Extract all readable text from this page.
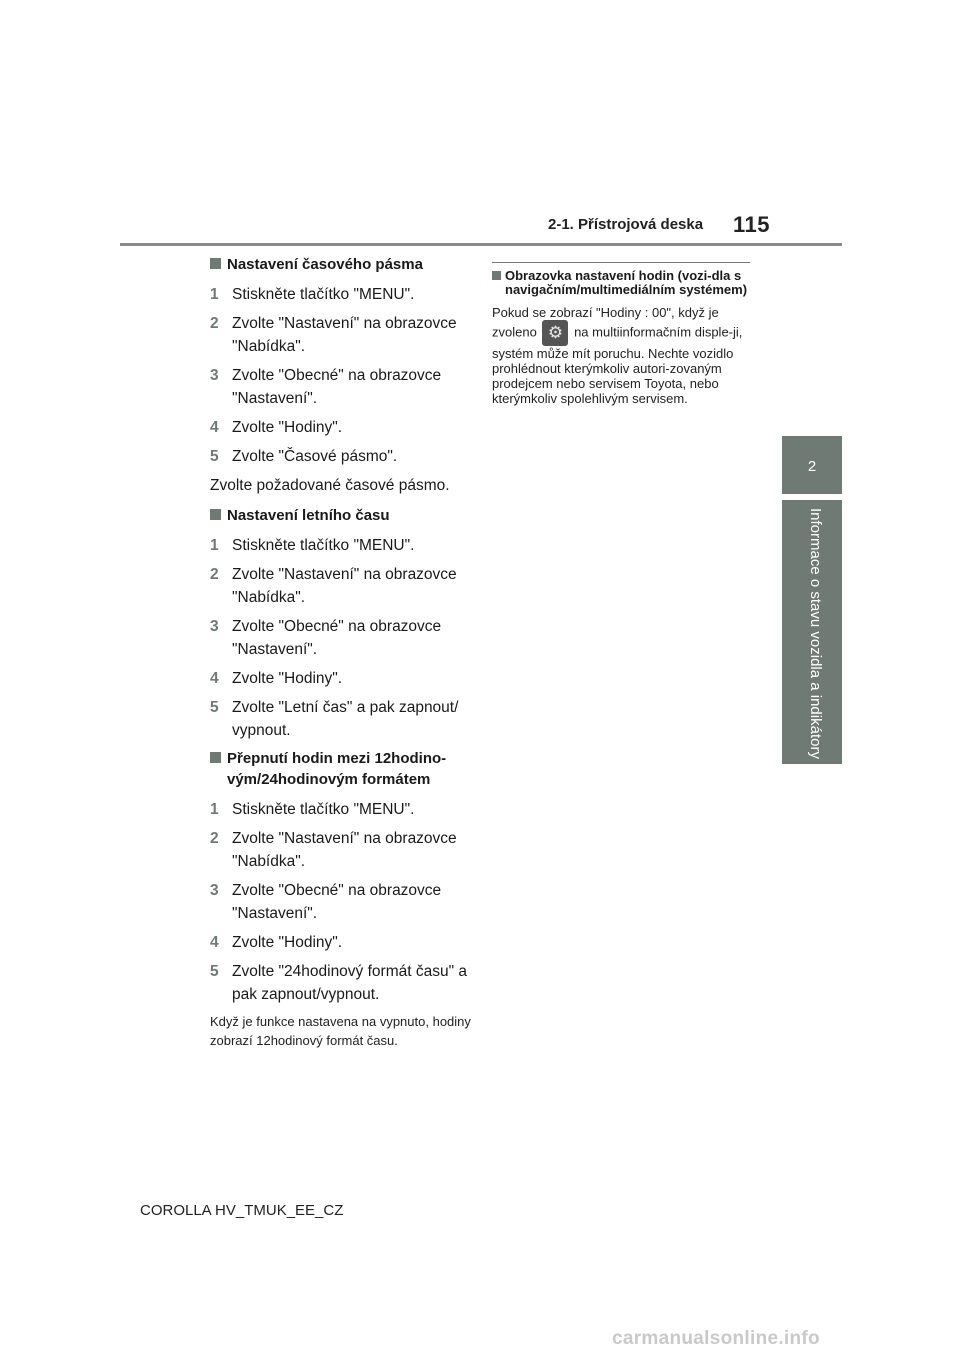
2-1. Přístrojová deska 115
2
Informace o stavu vozidla a indikátory
Nastavení časového pásma
1 Stiskněte tlačítko "MENU".
2 Zvolte "Nastavení" na obrazovce "Nabídka".
3 Zvolte "Obecné" na obrazovce "Nastavení".
4 Zvolte "Hodiny".
5 Zvolte "Časové pásmo".
Zvolte požadované časové pásmo.
Nastavení letního času
1 Stiskněte tlačítko "MENU".
2 Zvolte "Nastavení" na obrazovce "Nabídka".
3 Zvolte "Obecné" na obrazovce "Nastavení".
4 Zvolte "Hodiny".
5 Zvolte "Letní čas" a pak zapnout/ vypnout.
Přepnutí hodin mezi 12hodino-vým/24hodinovým formátem
1 Stiskněte tlačítko "MENU".
2 Zvolte "Nastavení" na obrazovce "Nabídka".
3 Zvolte "Obecné" na obrazovce "Nastavení".
4 Zvolte "Hodiny".
5 Zvolte "24hodinový formát času" a pak zapnout/vypnout.
Když je funkce nastavena na vypnuto, hodiny zobrazí 12hodinový formát času.
Obrazovka nastavení hodin (vozi-dla s navigačním/multimediálním systémem)
Pokud se zobrazí "Hodiny : 00", když je zvoleno ⚙ na multiinformačním disple-ji, systém může mít poruchu. Nechte vozidlo prohlédnout kterýmkoliv autori-zovaným prodejcem nebo servisem Toyota, nebo kterýmkoliv spolehlivým servisem.
COROLLA HV_TMUK_EE_CZ
carmanualsonline.info
